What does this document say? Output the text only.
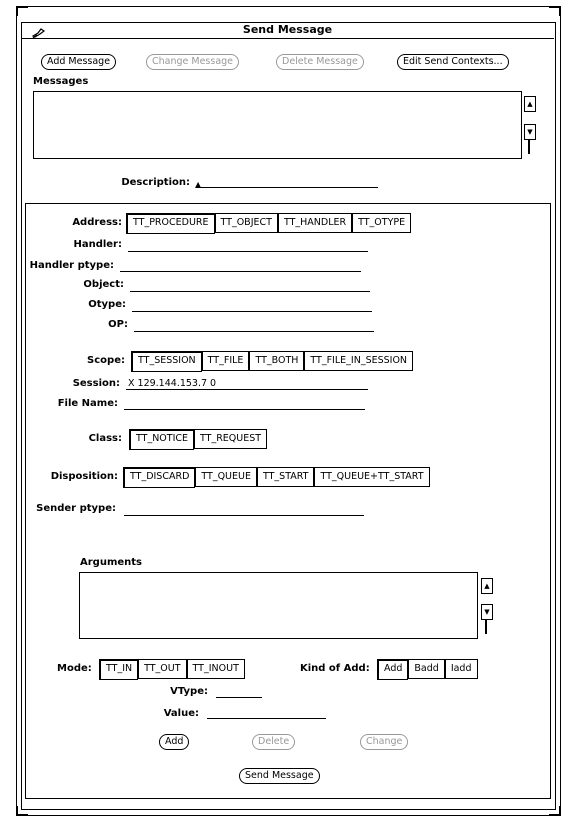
Send Message
Add Message	Change Message	Delete Message	Edit Send Contexts...
Messages
▲
▼
Description: ▲
Address:	TT_PROCEDURE	TT_OBJECT	TT_HANDLER	TT_OTYPE
Handler:
Handler ptype:
Object:
Otype:
OP:
Scope:	TT_SESSION	TT_FILE	TT_BOTH	TT_FILE_IN_SESSION
Session: X 129.144.153.7 0
File Name:
Class:	TT_NOTICE	TT_REQUEST
Disposition:	TT_DISCARD	TT_QUEUE	TT_START	TT_QUEUE+TT_START
Sender ptype:
Arguments
▲
▼
Mode:	TT_IN	TT_OUT	TT_INOUT	Kind of Add:	Add	Badd	Iadd
VType:
Value:
Add	Delete	Change
Send Message
